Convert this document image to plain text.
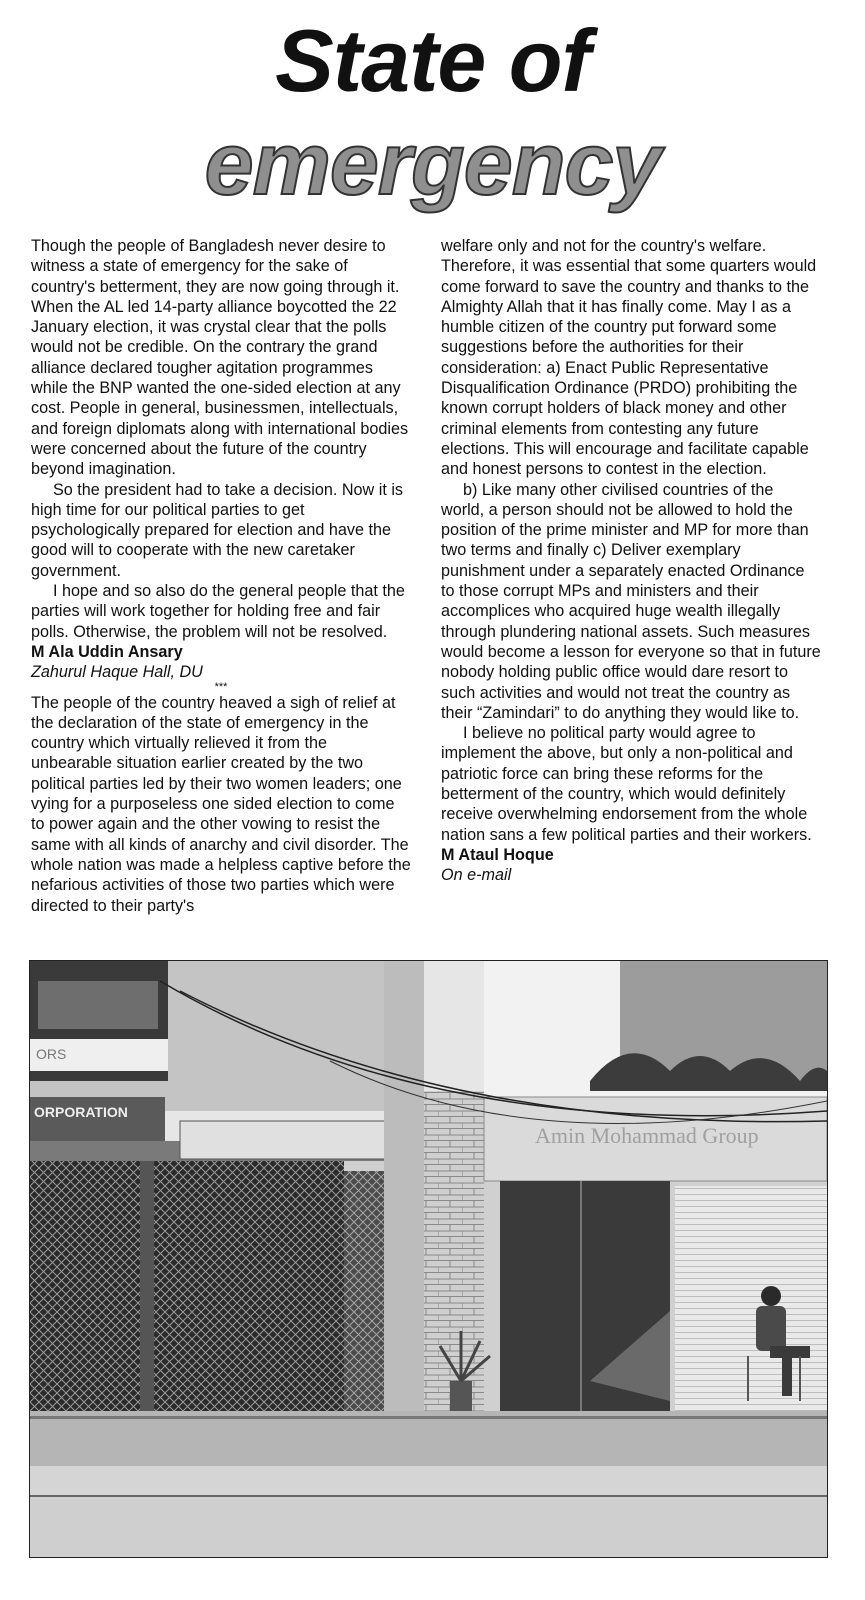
State of
emergency

Though the people of Bangladesh never desire to witness a state of emergency for the sake of country's betterment, they are now going through it. When the AL led 14-party alliance boycotted the 22 January election, it was crystal clear that the polls would not be credible. On the contrary the grand alliance declared tougher agitation programmes while the BNP wanted the one-sided election at any cost. People in general, businessmen, intellectuals, and foreign diplomats along with international bodies were concerned about the future of the country beyond imagination.

So the president had to take a decision. Now it is high time for our political parties to get psychologically prepared for election and have the good will to cooperate with the new caretaker government.

I hope and so also do the general people that the parties will work together for holding free and fair polls. Otherwise, the problem will not be resolved.

M Ala Uddin Ansary

Zahurul Haque Hall, DU

***

The people of the country heaved a sigh of relief at the declaration of the state of emergency in the country which virtually relieved it from the unbearable situation earlier created by the two political parties led by their two women leaders; one vying for a purposeless one sided election to come to power again and the other vowing to resist the same with all kinds of anarchy and civil disorder. The whole nation was made a helpless captive before the nefarious activities of those two parties which were directed to their party's

welfare only and not for the country's welfare. Therefore, it was essential that some quarters would come forward to save the country and thanks to the Almighty Allah that it has finally come. May I as a humble citizen of the country put forward some suggestions before the authorities for their consideration: a) Enact Public Representative Disqualification Ordinance (PRDO) prohibiting the known corrupt holders of black money and other criminal elements from contesting any future elections. This will encourage and facilitate capable and honest persons to contest in the election.

b) Like many other civilised countries of the world, a person should not be allowed to hold the position of the prime minister and MP for more than two terms and finally c) Deliver exemplary punishment under a separately enacted Ordinance to those corrupt MPs and ministers and their accomplices who acquired huge wealth illegally through plundering national assets. Such measures would become a lesson for everyone so that in future nobody holding public office would dare resort to such activities and would not treat the country as their “Zamindari” to do anything they would like to.

I believe no political party would agree to implement the above, but only a non-political and patriotic force can bring these reforms for the betterment of the country, which would definitely receive overwhelming endorsement from the whole nation sans a few political parties and their workers.

M Ataul Hoque

On e-mail

ORS
ORPORATION
Amin Mohammad Group
